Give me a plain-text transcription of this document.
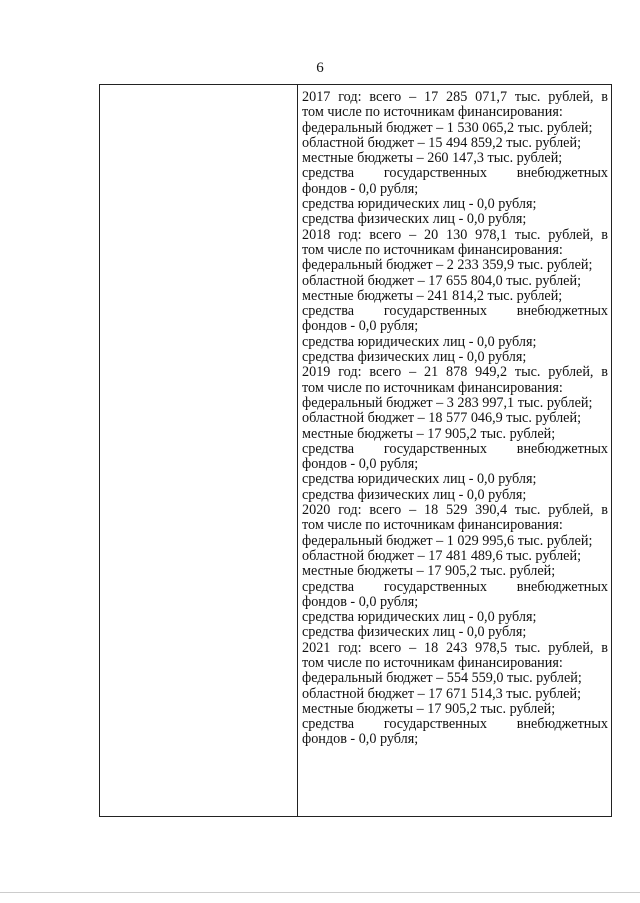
6
2017 год: всего – 17 285 071,7 тыс. рублей, в
том числе по источникам финансирования:
федеральный бюджет – 1 530 065,2 тыс. рублей;
областной бюджет – 15 494 859,2 тыс. рублей;
местные бюджеты – 260 147,3 тыс. рублей;
средства государственных внебюджетных
фондов - 0,0 рубля;
средства юридических лиц - 0,0 рубля;
средства физических лиц - 0,0 рубля;
2018 год: всего – 20 130 978,1 тыс. рублей, в
том числе по источникам финансирования:
федеральный бюджет – 2 233 359,9 тыс. рублей;
областной бюджет – 17 655 804,0 тыс. рублей;
местные бюджеты – 241 814,2 тыс. рублей;
средства государственных внебюджетных
фондов - 0,0 рубля;
средства юридических лиц - 0,0 рубля;
средства физических лиц - 0,0 рубля;
2019 год: всего – 21 878 949,2 тыс. рублей, в
том числе по источникам финансирования:
федеральный бюджет – 3 283 997,1 тыс. рублей;
областной бюджет – 18 577 046,9 тыс. рублей;
местные бюджеты – 17 905,2 тыс. рублей;
средства государственных внебюджетных
фондов - 0,0 рубля;
средства юридических лиц - 0,0 рубля;
средства физических лиц - 0,0 рубля;
2020 год: всего – 18 529 390,4 тыс. рублей, в
том числе по источникам финансирования:
федеральный бюджет – 1 029 995,6 тыс. рублей;
областной бюджет – 17 481 489,6 тыс. рублей;
местные бюджеты – 17 905,2 тыс. рублей;
средства государственных внебюджетных
фондов - 0,0 рубля;
средства юридических лиц - 0,0 рубля;
средства физических лиц - 0,0 рубля;
2021 год: всего – 18 243 978,5 тыс. рублей, в
том числе по источникам финансирования:
федеральный бюджет – 554 559,0 тыс. рублей;
областной бюджет – 17 671 514,3 тыс. рублей;
местные бюджеты – 17 905,2 тыс. рублей;
средства государственных внебюджетных
фондов - 0,0 рубля;
